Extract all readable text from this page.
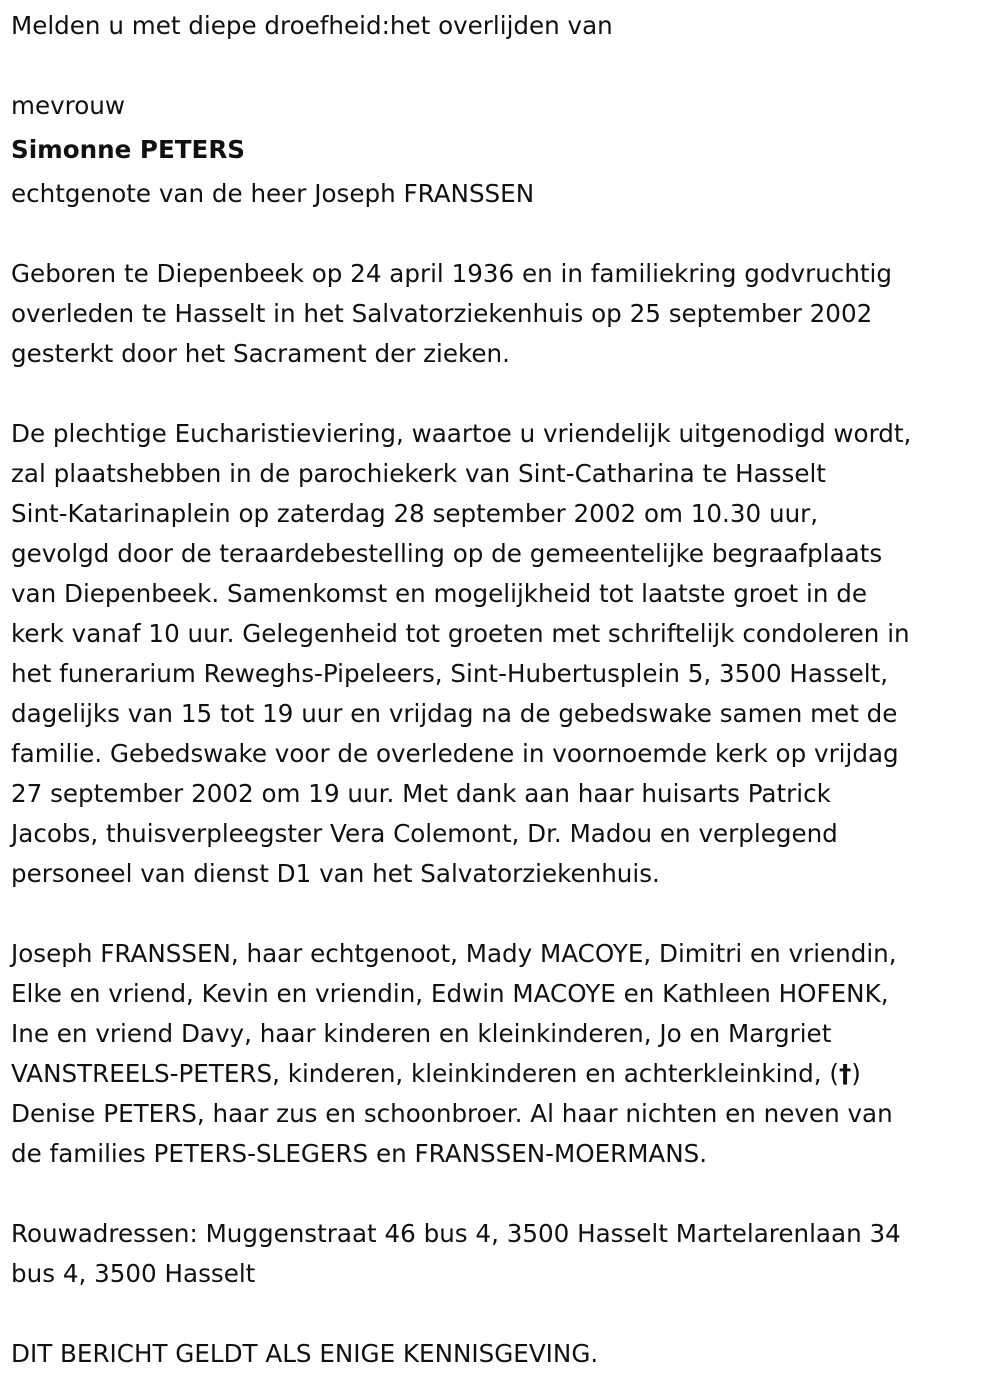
Melden u met diepe droefheid:het overlijden van
mevrouw
Simonne PETERS
echtgenote van de heer Joseph FRANSSEN
Geboren te Diepenbeek op 24 april 1936 en in familiekring godvruchtig
overleden te Hasselt in het Salvatorziekenhuis op 25 september 2002
gesterkt door het Sacrament der zieken.
De plechtige Eucharistieviering, waartoe u vriendelijk uitgenodigd wordt,
zal plaatshebben in de parochiekerk van Sint-Catharina te Hasselt
Sint-Katarinaplein op zaterdag 28 september 2002 om 10.30 uur,
gevolgd door de teraardebestelling op de gemeentelijke begraafplaats
van Diepenbeek. Samenkomst en mogelijkheid tot laatste groet in de
kerk vanaf 10 uur. Gelegenheid tot groeten met schriftelijk condoleren in
het funerarium Reweghs-Pipeleers, Sint-Hubertusplein 5, 3500 Hasselt,
dagelijks van 15 tot 19 uur en vrijdag na de gebedswake samen met de
familie. Gebedswake voor de overledene in voornoemde kerk op vrijdag
27 september 2002 om 19 uur. Met dank aan haar huisarts Patrick
Jacobs, thuisverpleegster Vera Colemont, Dr. Madou en verplegend
personeel van dienst D1 van het Salvatorziekenhuis.
Joseph FRANSSEN, haar echtgenoot, Mady MACOYE, Dimitri en vriendin,
Elke en vriend, Kevin en vriendin, Edwin MACOYE en Kathleen HOFENK,
Ine en vriend Davy, haar kinderen en kleinkinderen, Jo en Margriet
VANSTREELS-PETERS, kinderen, kleinkinderen en achterkleinkind, (†)
Denise PETERS, haar zus en schoonbroer. Al haar nichten en neven van
de families PETERS-SLEGERS en FRANSSEN-MOERMANS.
Rouwadressen: Muggenstraat 46 bus 4, 3500 Hasselt Martelarenlaan 34
bus 4, 3500 Hasselt
DIT BERICHT GELDT ALS ENIGE KENNISGEVING.
